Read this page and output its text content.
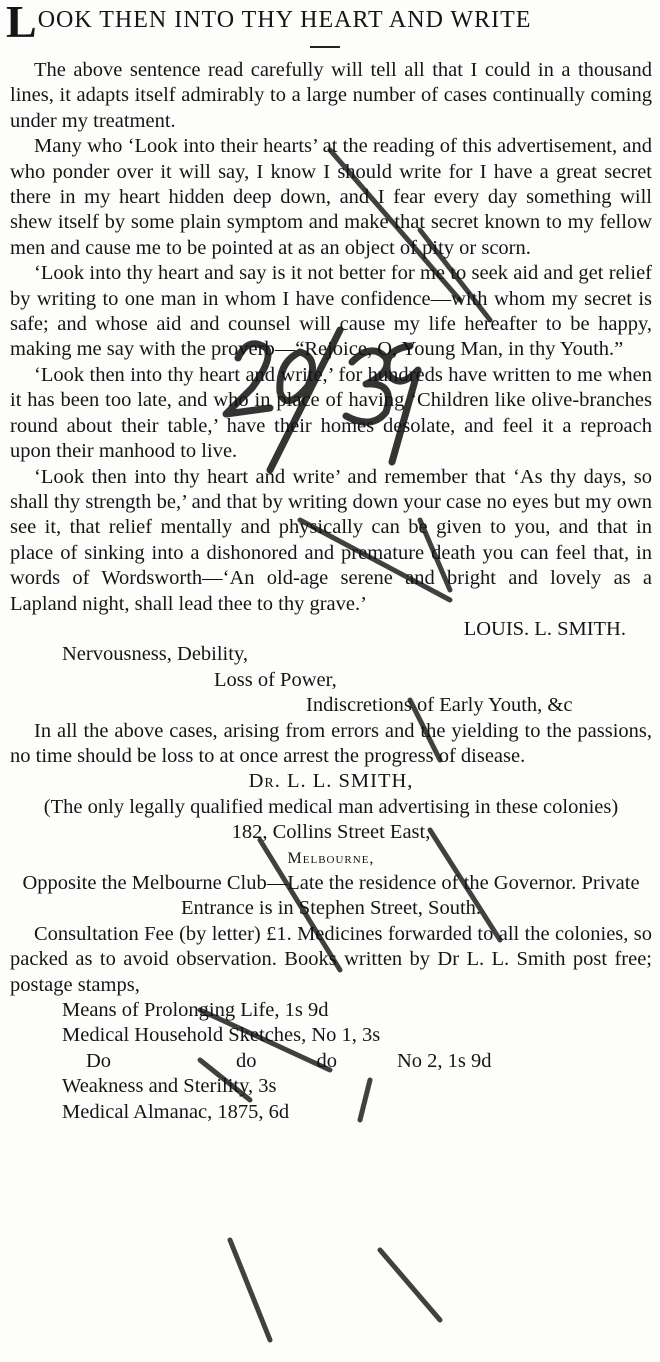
LOOK THEN INTO THY HEART AND WRITE

The above sentence read carefully will tell all that I could in a thousand lines, it adapts itself admirably to a large number of cases continually coming under my treatment.

Many who ‘Look into their hearts’ at the reading of this advertisement, and who ponder over it will say, I know I should write for I have a great secret there in my heart hidden deep down, and I fear every day something will shew itself by some plain symptom and make that secret known to my fellow men and cause me to be pointed at as an object of pity or scorn.

‘Look into thy heart and say is it not better for me to seek aid and get relief by writing to one man in whom I have confidence—with whom my secret is safe; and whose aid and counsel will cause my life hereafter to be happy, making me say with the proverb—“Rejoice, O, Young Man, in thy Youth.”

‘Look then into thy heart and write,’ for hundreds have written to me when it has been too late, and who in place of having ‘Children like olive-branches round about their table,’ have their homes desolate, and feel it a reproach upon their manhood to live.

‘Look then into thy heart and write’ and remember that ‘As thy days, so shall thy strength be,’ and that by writing down your case no eyes but my own see it, that relief mentally and physically can be given to you, and that in place of sinking into a dishonored and premature death you can feel that, in words of Wordsworth—‘An old-age serene and bright and lovely as a Lapland night, shall lead thee to thy grave.’

LOUIS. L. SMITH.

Nervousness, Debility,

Loss of Power,

Indiscretions of Early Youth, &c

In all the above cases, arising from errors and the yielding to the passions, no time should be loss to at once arrest the progress of disease.

Dr. L. L. SMITH,

(The only legally qualified medical man advertising in these colonies)

182, Collins Street East,

Melbourne,

Opposite the Melbourne Club—Late the residence of the Governor. Private Entrance is in Stephen Street, South.

Consultation Fee (by letter) £1. Medicines forwarded to all the colonies, so packed as to avoid observation. Books written by Dr L. L. Smith post free; postage stamps,

Means of Prolonging Life, 1s 9d
Medical Household Sketches, No 1, 3s
Do	do	do	No 2, 1s 9d
Weakness and Sterility, 3s
Medical Almanac, 1875, 6d
